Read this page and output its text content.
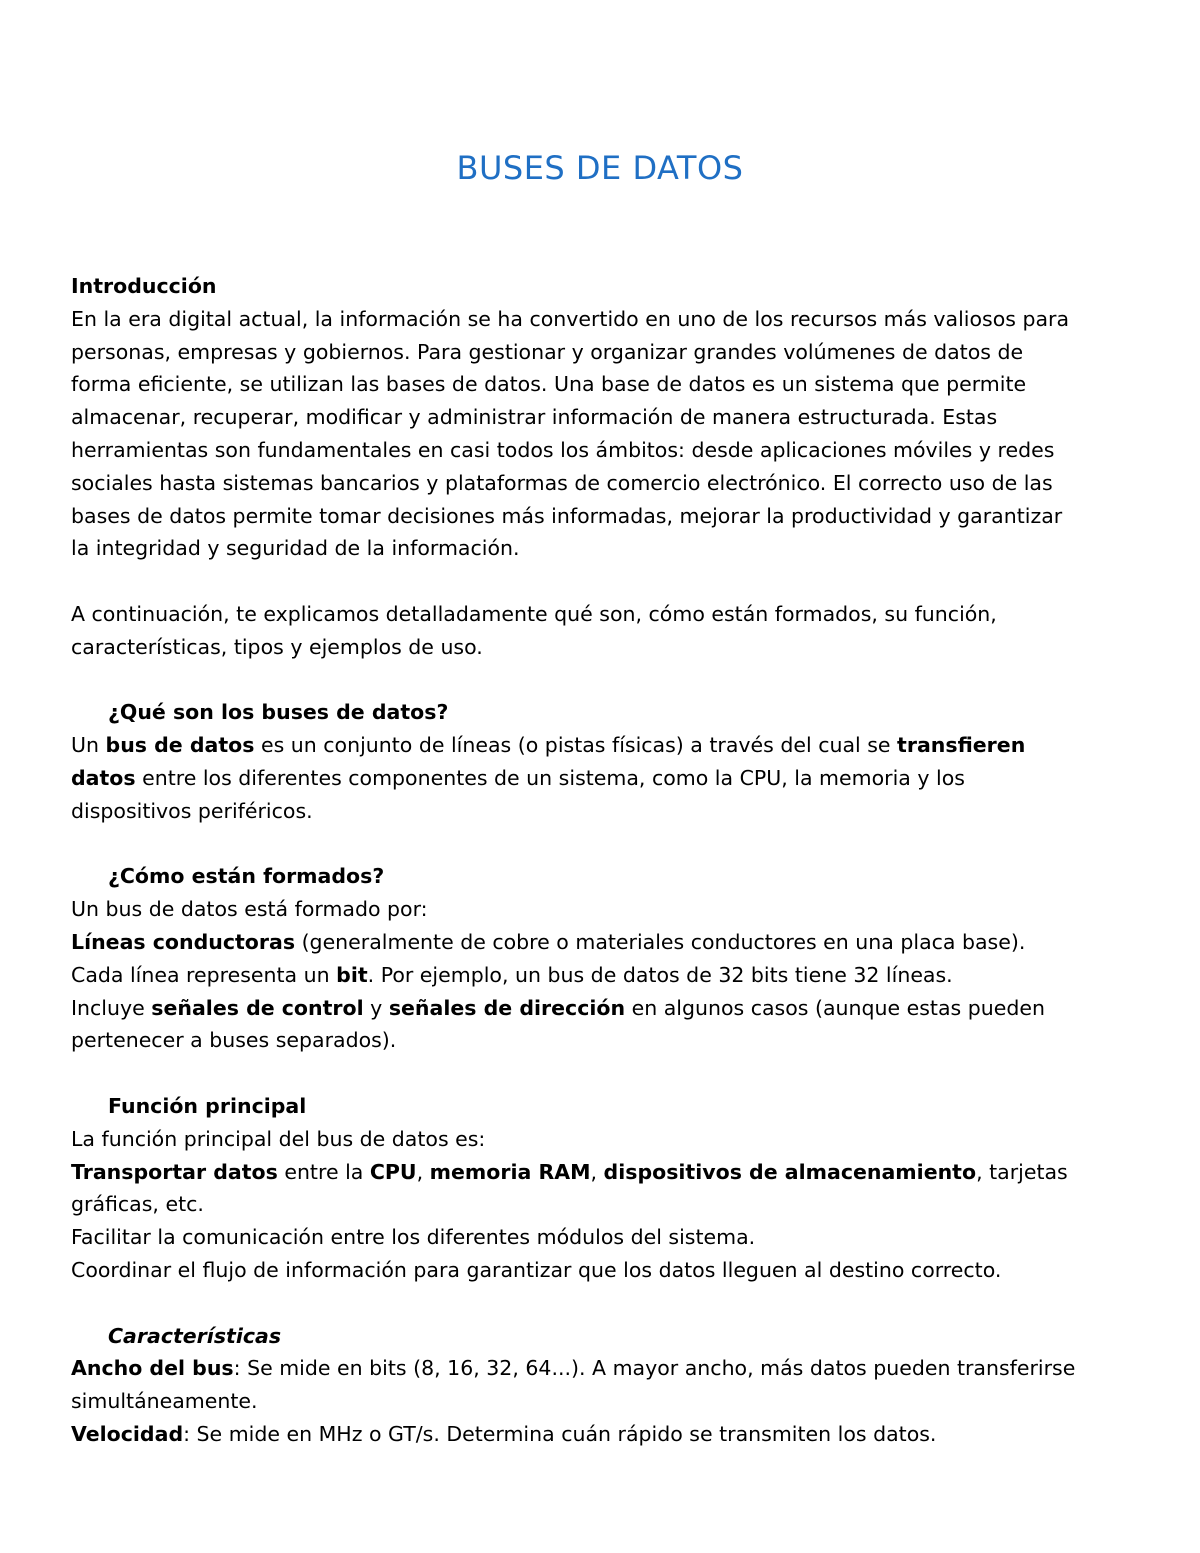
BUSES DE DATOS
Introducción
En la era digital actual, la información se ha convertido en uno de los recursos más valiosos para
personas, empresas y gobiernos. Para gestionar y organizar grandes volúmenes de datos de
forma eficiente, se utilizan las bases de datos. Una base de datos es un sistema que permite
almacenar, recuperar, modificar y administrar información de manera estructurada. Estas
herramientas son fundamentales en casi todos los ámbitos: desde aplicaciones móviles y redes
sociales hasta sistemas bancarios y plataformas de comercio electrónico. El correcto uso de las
bases de datos permite tomar decisiones más informadas, mejorar la productividad y garantizar
la integridad y seguridad de la información.
A continuación, te explicamos detalladamente qué son, cómo están formados, su función,
características, tipos y ejemplos de uso.
¿Qué son los buses de datos?
Un bus de datos es un conjunto de líneas (o pistas físicas) a través del cual se transfieren
datos entre los diferentes componentes de un sistema, como la CPU, la memoria y los
dispositivos periféricos.
¿Cómo están formados?
Un bus de datos está formado por:
Líneas conductoras (generalmente de cobre o materiales conductores en una placa base).
Cada línea representa un bit. Por ejemplo, un bus de datos de 32 bits tiene 32 líneas.
Incluye señales de control y señales de dirección en algunos casos (aunque estas pueden
pertenecer a buses separados).
Función principal
La función principal del bus de datos es:
Transportar datos entre la CPU, memoria RAM, dispositivos de almacenamiento, tarjetas
gráficas, etc.
Facilitar la comunicación entre los diferentes módulos del sistema.
Coordinar el flujo de información para garantizar que los datos lleguen al destino correcto.
Características
Ancho del bus: Se mide en bits (8, 16, 32, 64...). A mayor ancho, más datos pueden transferirse
simultáneamente.
Velocidad: Se mide en MHz o GT/s. Determina cuán rápido se transmiten los datos.
